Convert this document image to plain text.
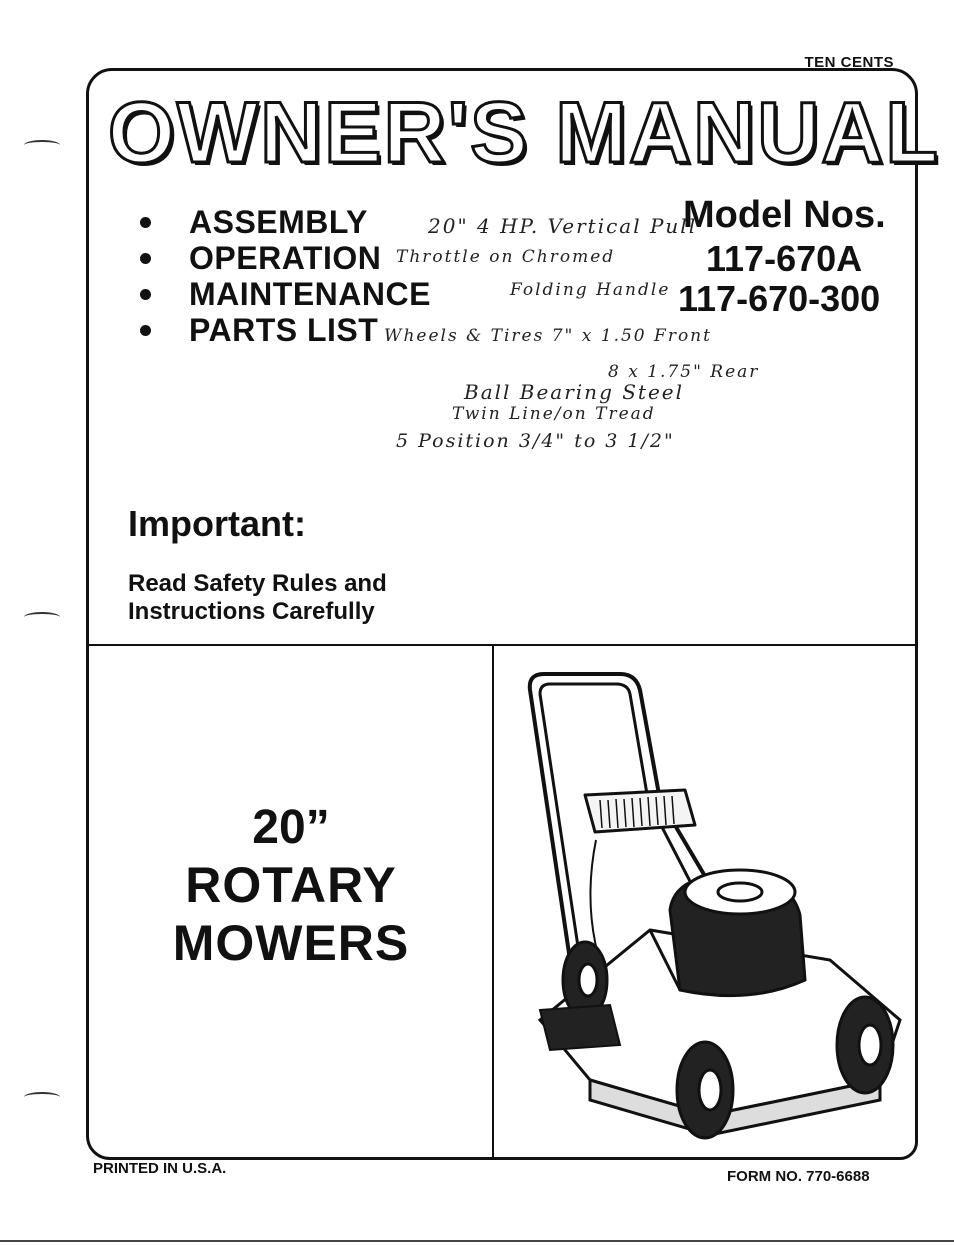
TEN CENTS
OWNER'S MANUAL
ASSEMBLY
OPERATION
MAINTENANCE
PARTS LIST
Model Nos.
117-670A
117-670-300
20" 4 HP. Vertical Pull
Throttle on Chromed
Folding Handle
Wheels & Tires 7" x 1.50 Front
8 x 1.75" Rear
Ball Bearing Steel
Twin Line/on Tread
5 Position 3/4" to 3 1/2"
Important:
Read Safety Rules and
Instructions Carefully
20”
ROTARY
MOWERS
PRINTED IN U.S.A.	FORM NO. 770-6688
